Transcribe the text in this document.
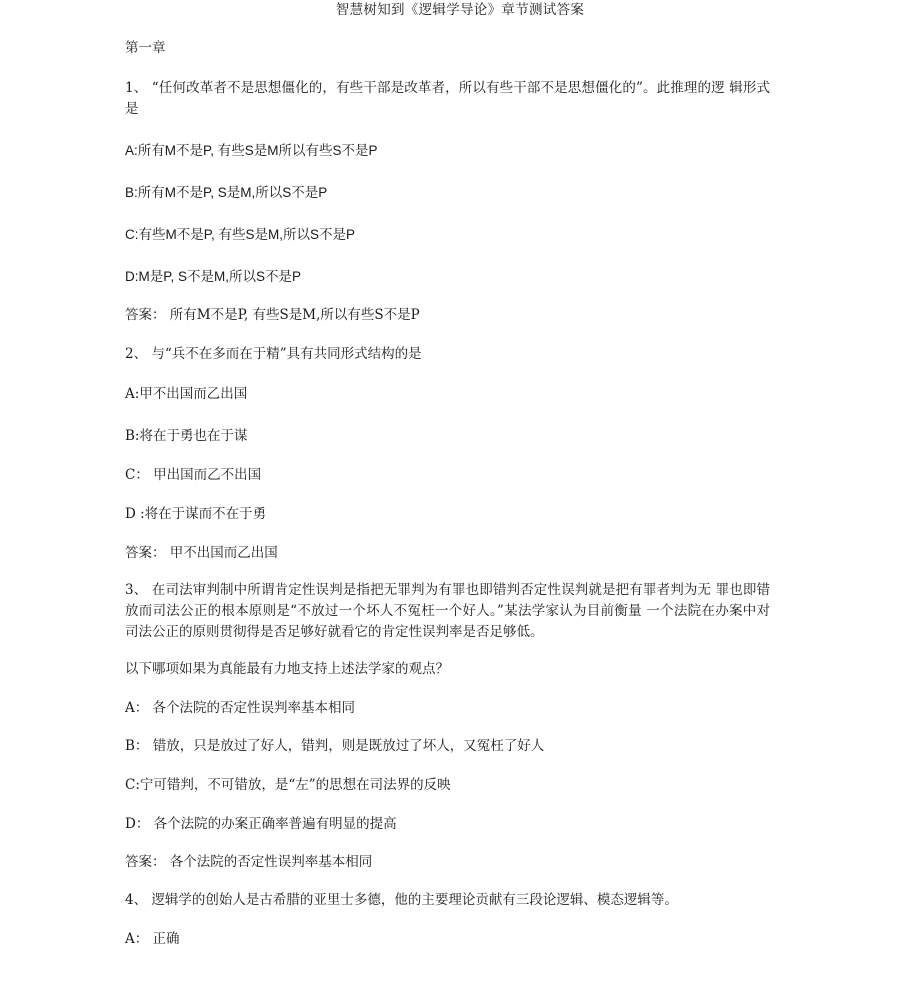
智慧树知到《逻辑学导论》章节测试答案
第一章
1、 “任何改革者不是思想僵化的，有些干部是改革者，所以有些干部不是思想僵化的”。此推理的逻 辑形式是
A:所有M不是P, 有些S是M所以有些S不是P
B:所有M不是P, S是M,所以S不是P
C:有些M不是P, 有些S是M,所以S不是P
D:M是P, S不是M,所以S不是P
答案： 所有M不是P, 有些S是M,所以有些S不是P
2、 与“兵不在多而在于精”具有共同形式结构的是
A:甲不出国而乙出国
B:将在于勇也在于谋
C： 甲出国而乙不出国
D :将在于谋而不在于勇
答案： 甲不出国而乙出国
3、 在司法审判制中所谓肯定性误判是指把无罪判为有罪也即错判否定性误判就是把有罪者判为无 罪也即错放而司法公正的根本原则是“不放过一个坏人不冤枉一个好人。”某法学家认为目前衡量 一个法院在办案中对司法公正的原则贯彻得是否足够好就看它的肯定性误判率是否足够低。
以下哪项如果为真能最有力地支持上述法学家的观点？
A： 各个法院的否定性误判率基本相同
B： 错放，只是放过了好人，错判，则是既放过了坏人，又冤枉了好人
C:宁可错判，不可错放，是“左”的思想在司法界的反映
D： 各个法院的办案正确率普遍有明显的提高
答案： 各个法院的否定性误判率基本相同
4、 逻辑学的创始人是古希腊的亚里士多德，他的主要理论贡献有三段论逻辑、模态逻辑等。
A： 正确
